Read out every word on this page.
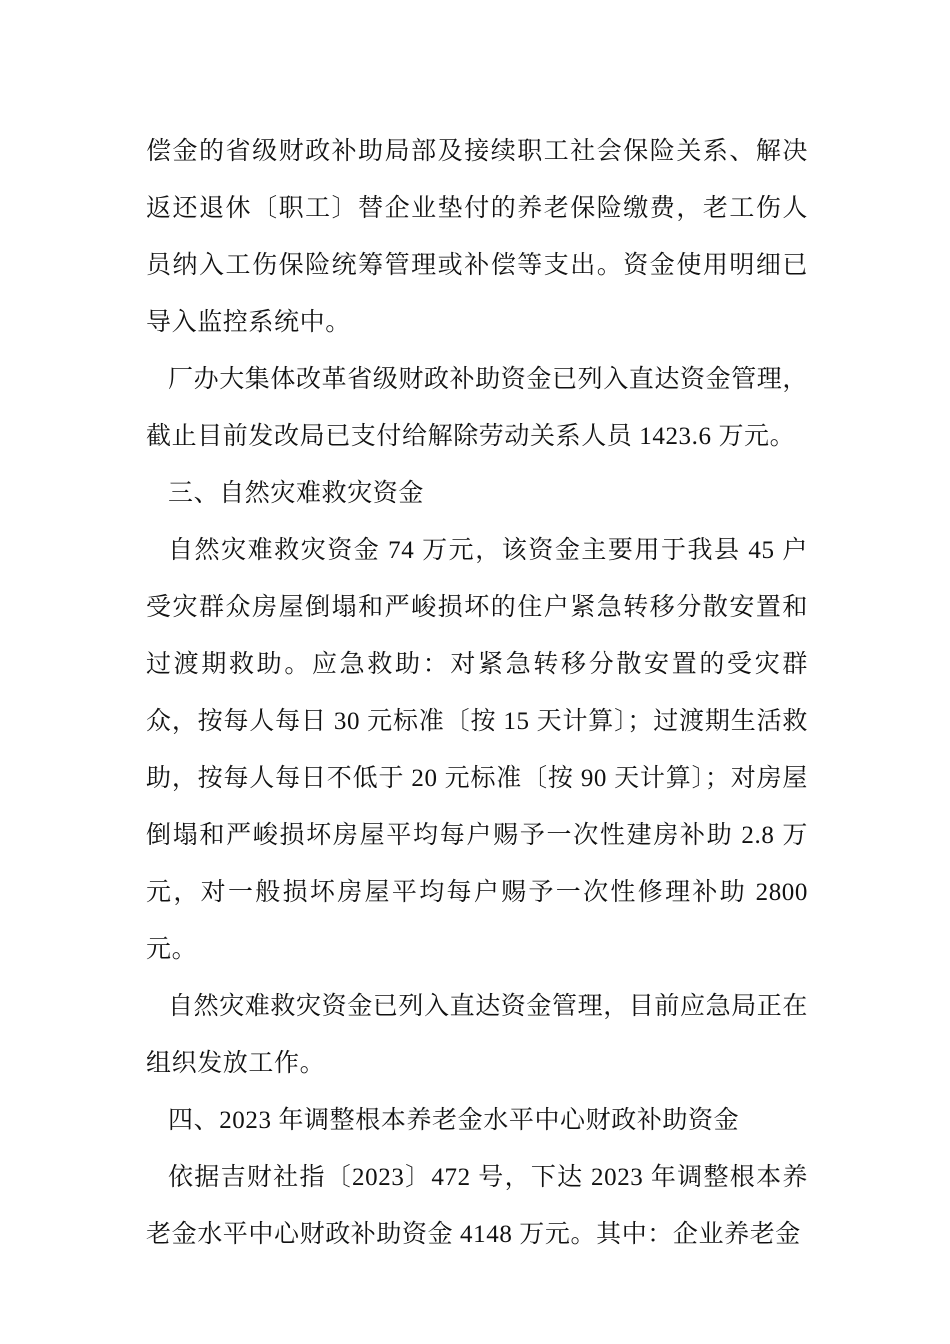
偿金的省级财政补助局部及接续职工社会保险关系、解决返还退休〔职工〕替企业垫付的养老保险缴费，老工伤人员纳入工伤保险统筹管理或补偿等支出。资金使用明细已导入监控系统中。

厂办大集体改革省级财政补助资金已列入直达资金管理，截止目前发改局已支付给解除劳动关系人员 1423.6 万元。

三、自然灾难救灾资金

自然灾难救灾资金 74 万元，该资金主要用于我县 45 户受灾群众房屋倒塌和严峻损坏的住户紧急转移分散安置和过渡期救助。应急救助：对紧急转移分散安置的受灾群众，按每人每日 30 元标准〔按 15 天计算〕；过渡期生活救助，按每人每日不低于 20 元标准〔按 90 天计算〕；对房屋倒塌和严峻损坏房屋平均每户赐予一次性建房补助 2.8 万元，对一般损坏房屋平均每户赐予一次性修理补助 2800 元。

自然灾难救灾资金已列入直达资金管理，目前应急局正在组织发放工作。

四、2023 年调整根本养老金水平中心财政补助资金

依据吉财社指〔2023〕472 号，下达 2023 年调整根本养老金水平中心财政补助资金 4148 万元。其中：企业养老金
